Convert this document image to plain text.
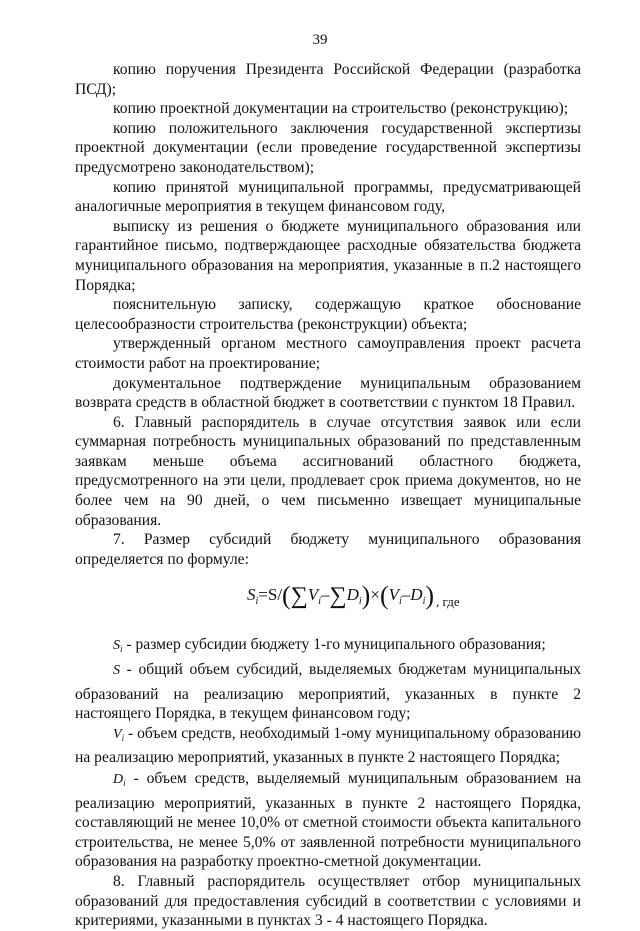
39

копию поручения Президента Российской Федерации (разработка ПСД);

копию проектной документации на строительство (реконструкцию);

копию положительного заключения государственной экспертизы проектной документации (если проведение государственной экспертизы предусмотрено законодательством);

копию принятой муниципальной программы, предусматривающей аналогичные мероприятия в текущем финансовом году,

выписку из решения о бюджете муниципального образования или гарантийное письмо, подтверждающее расходные обязательства бюджета муниципального образования на мероприятия, указанные в п.2 настоящего Порядка;

пояснительную записку, содержащую краткое обоснование целесообразности строительства (реконструкции) объекта;

утвержденный органом местного самоуправления проект расчета стоимости работ на проектирование;

документальное подтверждение муниципальным образованием возврата средств в областной бюджет в соответствии с пунктом 18 Правил.

6. Главный распорядитель в случае отсутствия заявок или если суммарная потребность муниципальных образований по представленным заявкам меньше объема ассигнований областного бюджета, предусмотренного на эти цели, продлевает срок приема документов, но не более чем на 90 дней, о чем письменно извещает муниципальные образования.

7. Размер субсидий бюджету муниципального образования определяется по формуле:

$S_i=S/(\sum V_i-\sum D_i)\times(V_i-D_i)$ $_{, где}$

$S_i$ - размер субсидии бюджету 1-го муниципального образования;

S - общий объем субсидий, выделяемых бюджетам муниципальных образований на реализацию мероприятий, указанных в пункте 2 настоящего Порядка, в текущем финансовом году;

$V_i$ - объем средств, необходимый 1-ому муниципальному образованию на реализацию мероприятий, указанных в пункте 2 настоящего Порядка;

$D_i$ - объем средств, выделяемый муниципальным образованием на реализацию мероприятий, указанных в пункте 2 настоящего Порядка, составляющий не менее 10,0% от сметной стоимости объекта капитального строительства, не менее 5,0% от заявленной потребности муниципального образования на разработку проектно-сметной документации.

8. Главный распорядитель осуществляет отбор муниципальных образований для предоставления субсидий в соответствии с условиями и критериями, указанными в пунктах 3 - 4 настоящего Порядка.
